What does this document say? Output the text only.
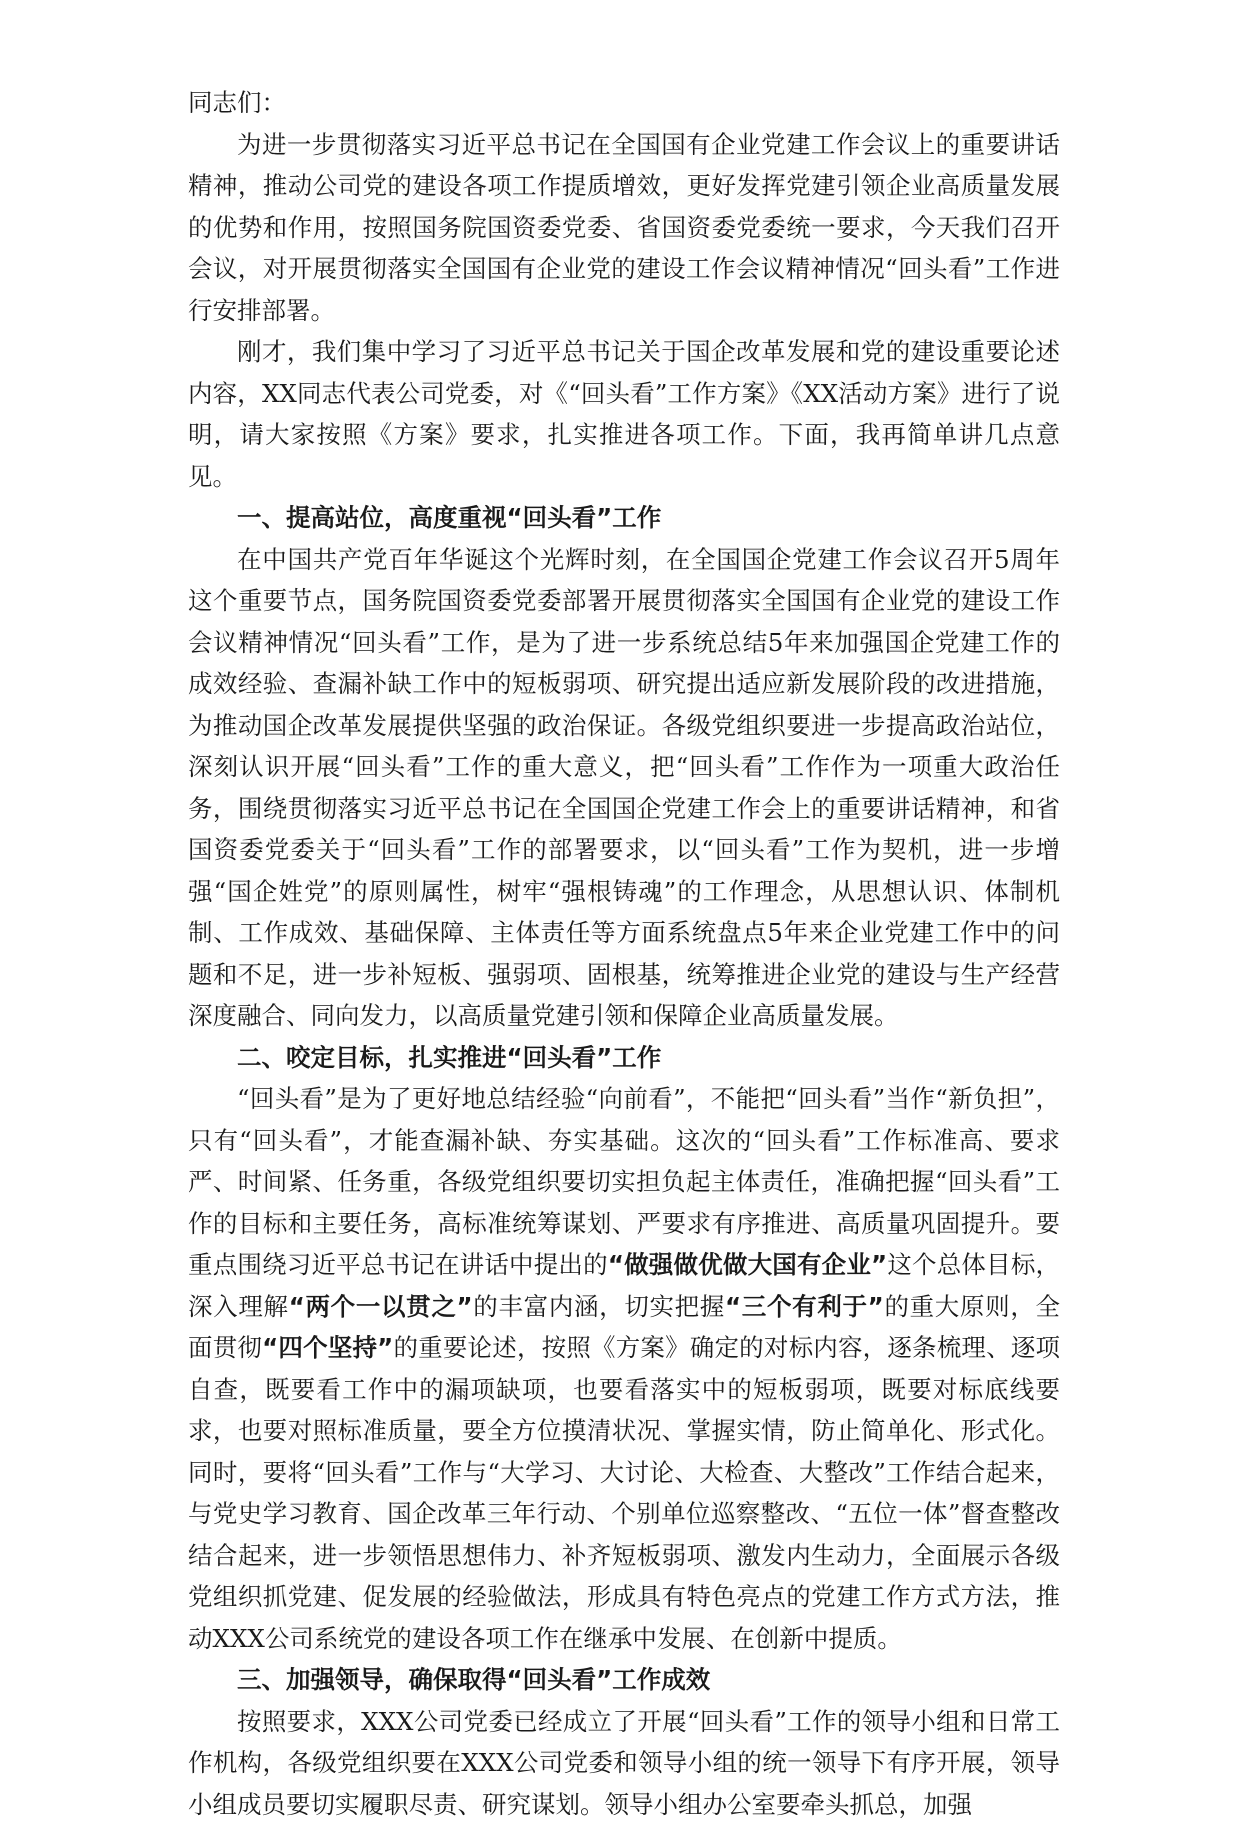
同志们：

为进一步贯彻落实习近平总书记在全国国有企业党建工作会议上的重要讲话精神，推动公司党的建设各项工作提质增效，更好发挥党建引领企业高质量发展的优势和作用，按照国务院国资委党委、省国资委党委统一要求，今天我们召开会议，对开展贯彻落实全国国有企业党的建设工作会议精神情况“回头看”工作进行安排部署。

刚才，我们集中学习了习近平总书记关于国企改革发展和党的建设重要论述内容，XX同志代表公司党委，对《“回头看”工作方案》《XX活动方案》进行了说明，请大家按照《方案》要求，扎实推进各项工作。下面，我再简单讲几点意见。

一、提高站位，高度重视“回头看”工作

在中国共产党百年华诞这个光辉时刻，在全国国企党建工作会议召开5周年这个重要节点，国务院国资委党委部署开展贯彻落实全国国有企业党的建设工作会议精神情况“回头看”工作，是为了进一步系统总结5年来加强国企党建工作的成效经验、查漏补缺工作中的短板弱项、研究提出适应新发展阶段的改进措施，为推动国企改革发展提供坚强的政治保证。各级党组织要进一步提高政治站位，深刻认识开展“回头看”工作的重大意义，把“回头看”工作作为一项重大政治任务，围绕贯彻落实习近平总书记在全国国企党建工作会上的重要讲话精神，和省国资委党委关于“回头看”工作的部署要求，以“回头看”工作为契机，进一步增强“国企姓党”的原则属性，树牢“强根铸魂”的工作理念，从思想认识、体制机制、工作成效、基础保障、主体责任等方面系统盘点5年来企业党建工作中的问题和不足，进一步补短板、强弱项、固根基，统筹推进企业党的建设与生产经营深度融合、同向发力，以高质量党建引领和保障企业高质量发展。

二、咬定目标，扎实推进“回头看”工作

“回头看”是为了更好地总结经验“向前看”，不能把“回头看”当作“新负担”，只有“回头看”，才能查漏补缺、夯实基础。这次的“回头看”工作标准高、要求严、时间紧、任务重，各级党组织要切实担负起主体责任，准确把握“回头看”工作的目标和主要任务，高标准统筹谋划、严要求有序推进、高质量巩固提升。要重点围绕习近平总书记在讲话中提出的“做强做优做大国有企业”这个总体目标，深入理解“两个一以贯之”的丰富内涵，切实把握“三个有利于”的重大原则，全面贯彻“四个坚持”的重要论述，按照《方案》确定的对标内容，逐条梳理、逐项自查，既要看工作中的漏项缺项，也要看落实中的短板弱项，既要对标底线要求，也要对照标准质量，要全方位摸清状况、掌握实情，防止简单化、形式化。同时，要将“回头看”工作与“大学习、大讨论、大检查、大整改”工作结合起来，与党史学习教育、国企改革三年行动、个别单位巡察整改、“五位一体”督查整改结合起来，进一步领悟思想伟力、补齐短板弱项、激发内生动力，全面展示各级党组织抓党建、促发展的经验做法，形成具有特色亮点的党建工作方式方法，推动XXX公司系统党的建设各项工作在继承中发展、在创新中提质。

三、加强领导，确保取得“回头看”工作成效

按照要求，XXX公司党委已经成立了开展“回头看”工作的领导小组和日常工作机构，各级党组织要在XXX公司党委和领导小组的统一领导下有序开展，领导小组成员要切实履职尽责、研究谋划。领导小组办公室要牵头抓总，加强
